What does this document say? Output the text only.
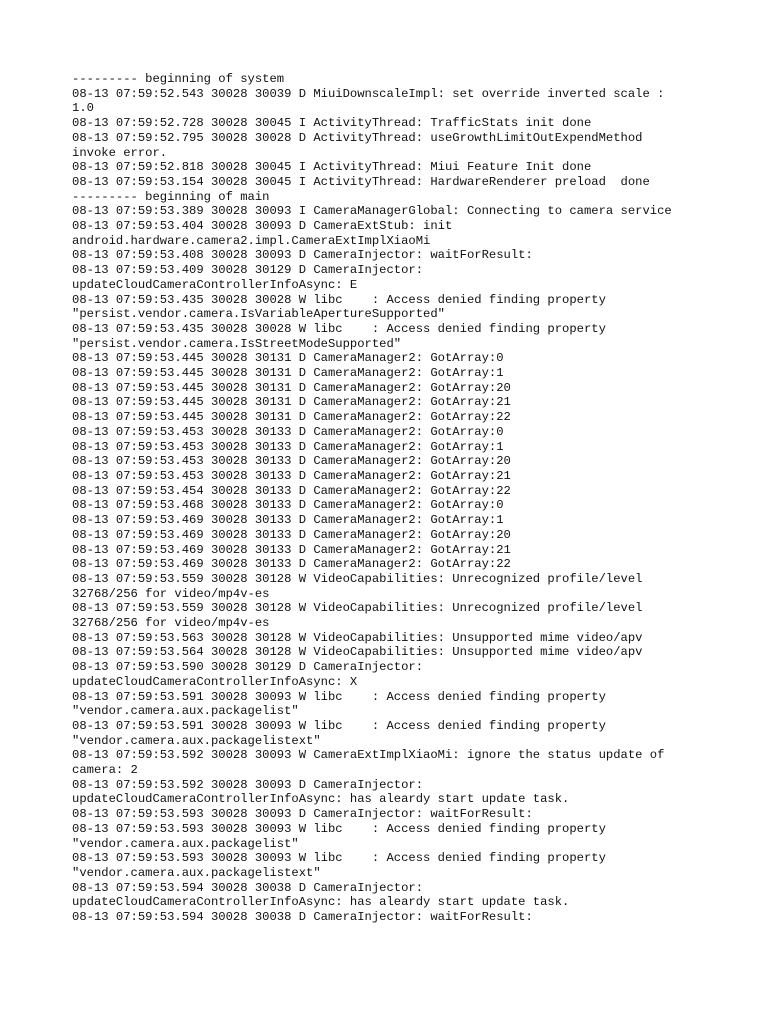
--------- beginning of system
08-13 07:59:52.543 30028 30039 D MiuiDownscaleImpl: set override inverted scale :
1.0
08-13 07:59:52.728 30028 30045 I ActivityThread: TrafficStats init done
08-13 07:59:52.795 30028 30028 D ActivityThread: useGrowthLimitOutExpendMethod
invoke error.
08-13 07:59:52.818 30028 30045 I ActivityThread: Miui Feature Init done
08-13 07:59:53.154 30028 30045 I ActivityThread: HardwareRenderer preload  done
--------- beginning of main
08-13 07:59:53.389 30028 30093 I CameraManagerGlobal: Connecting to camera service
08-13 07:59:53.404 30028 30093 D CameraExtStub: init
android.hardware.camera2.impl.CameraExtImplXiaoMi
08-13 07:59:53.408 30028 30093 D CameraInjector: waitForResult:
08-13 07:59:53.409 30028 30129 D CameraInjector:
updateCloudCameraControllerInfoAsync: E
08-13 07:59:53.435 30028 30028 W libc    : Access denied finding property
"persist.vendor.camera.IsVariableApertureSupported"
08-13 07:59:53.435 30028 30028 W libc    : Access denied finding property
"persist.vendor.camera.IsStreetModeSupported"
08-13 07:59:53.445 30028 30131 D CameraManager2: GotArray:0
08-13 07:59:53.445 30028 30131 D CameraManager2: GotArray:1
08-13 07:59:53.445 30028 30131 D CameraManager2: GotArray:20
08-13 07:59:53.445 30028 30131 D CameraManager2: GotArray:21
08-13 07:59:53.445 30028 30131 D CameraManager2: GotArray:22
08-13 07:59:53.453 30028 30133 D CameraManager2: GotArray:0
08-13 07:59:53.453 30028 30133 D CameraManager2: GotArray:1
08-13 07:59:53.453 30028 30133 D CameraManager2: GotArray:20
08-13 07:59:53.453 30028 30133 D CameraManager2: GotArray:21
08-13 07:59:53.454 30028 30133 D CameraManager2: GotArray:22
08-13 07:59:53.468 30028 30133 D CameraManager2: GotArray:0
08-13 07:59:53.469 30028 30133 D CameraManager2: GotArray:1
08-13 07:59:53.469 30028 30133 D CameraManager2: GotArray:20
08-13 07:59:53.469 30028 30133 D CameraManager2: GotArray:21
08-13 07:59:53.469 30028 30133 D CameraManager2: GotArray:22
08-13 07:59:53.559 30028 30128 W VideoCapabilities: Unrecognized profile/level
32768/256 for video/mp4v-es
08-13 07:59:53.559 30028 30128 W VideoCapabilities: Unrecognized profile/level
32768/256 for video/mp4v-es
08-13 07:59:53.563 30028 30128 W VideoCapabilities: Unsupported mime video/apv
08-13 07:59:53.564 30028 30128 W VideoCapabilities: Unsupported mime video/apv
08-13 07:59:53.590 30028 30129 D CameraInjector:
updateCloudCameraControllerInfoAsync: X
08-13 07:59:53.591 30028 30093 W libc    : Access denied finding property
"vendor.camera.aux.packagelist"
08-13 07:59:53.591 30028 30093 W libc    : Access denied finding property
"vendor.camera.aux.packagelistext"
08-13 07:59:53.592 30028 30093 W CameraExtImplXiaoMi: ignore the status update of
camera: 2
08-13 07:59:53.592 30028 30093 D CameraInjector:
updateCloudCameraControllerInfoAsync: has aleardy start update task.
08-13 07:59:53.593 30028 30093 D CameraInjector: waitForResult:
08-13 07:59:53.593 30028 30093 W libc    : Access denied finding property
"vendor.camera.aux.packagelist"
08-13 07:59:53.593 30028 30093 W libc    : Access denied finding property
"vendor.camera.aux.packagelistext"
08-13 07:59:53.594 30028 30038 D CameraInjector:
updateCloudCameraControllerInfoAsync: has aleardy start update task.
08-13 07:59:53.594 30028 30038 D CameraInjector: waitForResult:
